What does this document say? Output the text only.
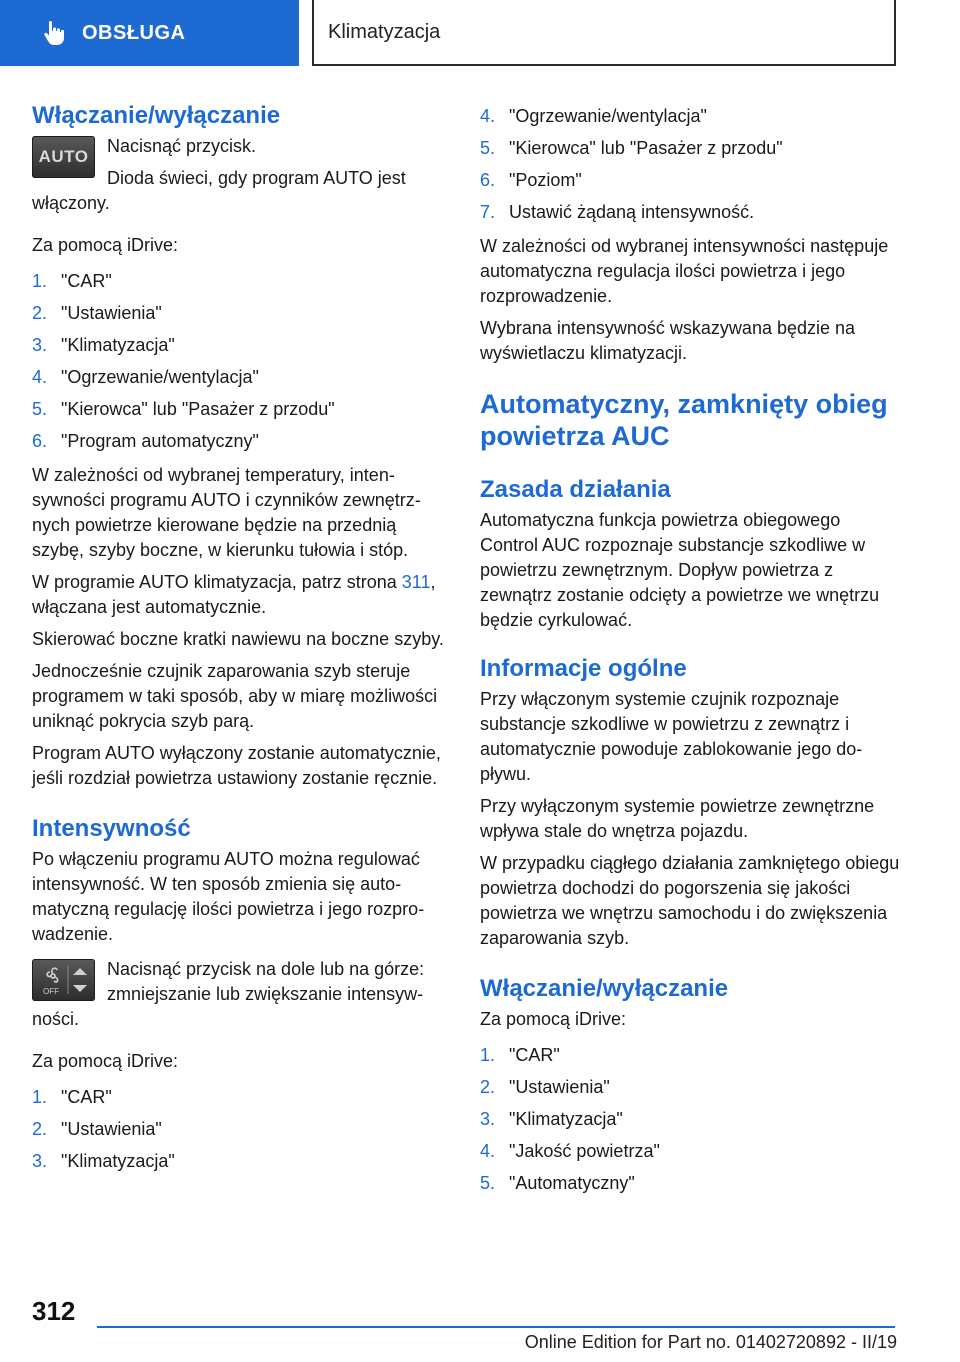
OBSŁUGA	Klimatyzacja
Włączanie/wyłączanie
AUTO

Nacisnąć przycisk.

Dioda świeci, gdy program AUTO jest włączony.

Za pomocą iDrive:

1. "CAR"
2. "Ustawienia"
3. "Klimatyzacja"
4. "Ogrzewanie/wentylacja"
5. "Kierowca" lub "Pasażer z przodu"
6. "Program automatyczny"

W zależności od wybranej temperatury, intensywności programu AUTO i czynników zewnętrznych powietrze kierowane będzie na przednią szybę, szyby boczne, w kierunku tułowia i stóp.

W programie AUTO klimatyzacja, patrz strona 311, włączana jest automatycznie.

Skierować boczne kratki nawiewu na boczne szyby.

Jednocześnie czujnik zaparowania szyb steruje programem w taki sposób, aby w miarę możliwości uniknąć pokrycia szyb parą.

Program AUTO wyłączony zostanie automatycznie, jeśli rozdział powietrza ustawiony zostanie ręcznie.

Intensywność

Po włączeniu programu AUTO można regulować intensywność. W ten sposób zmienia się automatyczną regulację ilości powietrza i jego rozprowadzenie.

OFF

Nacisnąć przycisk na dole lub na górze: zmniejszanie lub zwiększanie intensywności.

Za pomocą iDrive:

1. "CAR"
2. "Ustawienia"
3. "Klimatyzacja"
4. "Ogrzewanie/wentylacja"
5. "Kierowca" lub "Pasażer z przodu"
6. "Poziom"
7. Ustawić żądaną intensywność.

W zależności od wybranej intensywności następuje automatyczna regulacja ilości powietrza i jego rozprowadzenie.

Wybrana intensywność wskazywana będzie na wyświetlaczu klimatyzacji.

Automatyczny, zamknięty obieg powietrza AUC
Zasada działania

Automatyczna funkcja powietrza obiegowego Control AUC rozpoznaje substancje szkodliwe w powietrzu zewnętrznym. Dopływ powietrza z zewnątrz zostanie odcięty a powietrze we wnętrzu będzie cyrkulować.

Informacje ogólne

Przy włączonym systemie czujnik rozpoznaje substancje szkodliwe w powietrzu z zewnątrz i automatycznie powoduje zablokowanie jego dopływu.

Przy wyłączonym systemie powietrze zewnętrzne wpływa stale do wnętrza pojazdu.

W przypadku ciągłego działania zamkniętego obiegu powietrza dochodzi do pogorszenia się jakości powietrza we wnętrzu samochodu i do zwiększenia zaparowania szyb.

Włączanie/wyłączanie

Za pomocą iDrive:

1. "CAR"
2. "Ustawienia"
3. "Klimatyzacja"
4. "Jakość powietrza"
5. "Automatyczny"
312
Online Edition for Part no. 01402720892 - II/19
